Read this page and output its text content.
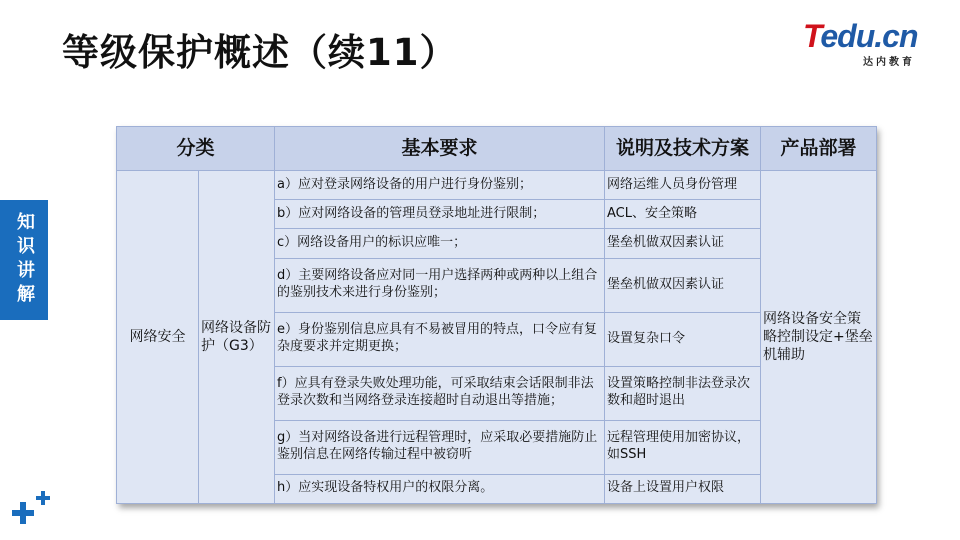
等级保护概述（续11）	Tedu.cn
达内教育
知识讲解
分类		基本要求	说明及技术方案	产品部署
网络安全	网络设备防护（G3）	a）应对登录网络设备的用户进行身份鉴别；	网络运维人员身份管理	网络设备安全策略控制设定+堡垒机辅助
		b）应对网络设备的管理员登录地址进行限制；	ACL、安全策略	
		c）网络设备用户的标识应唯一；	堡垒机做双因素认证	
		d）主要网络设备应对同一用户选择两种或两种以上组合的鉴别技术来进行身份鉴别；	堡垒机做双因素认证	
		e）身份鉴别信息应具有不易被冒用的特点，口令应有复杂度要求并定期更换；	设置复杂口令	
		f）应具有登录失败处理功能，可采取结束会话限制非法登录次数和当网络登录连接超时自动退出等措施；	设置策略控制非法登录次数和超时退出	
		g）当对网络设备进行远程管理时，应采取必要措施防止鉴别信息在网络传输过程中被窃听	远程管理使用加密协议，如SSH	
		h）应实现设备特权用户的权限分离。	设备上设置用户权限	
